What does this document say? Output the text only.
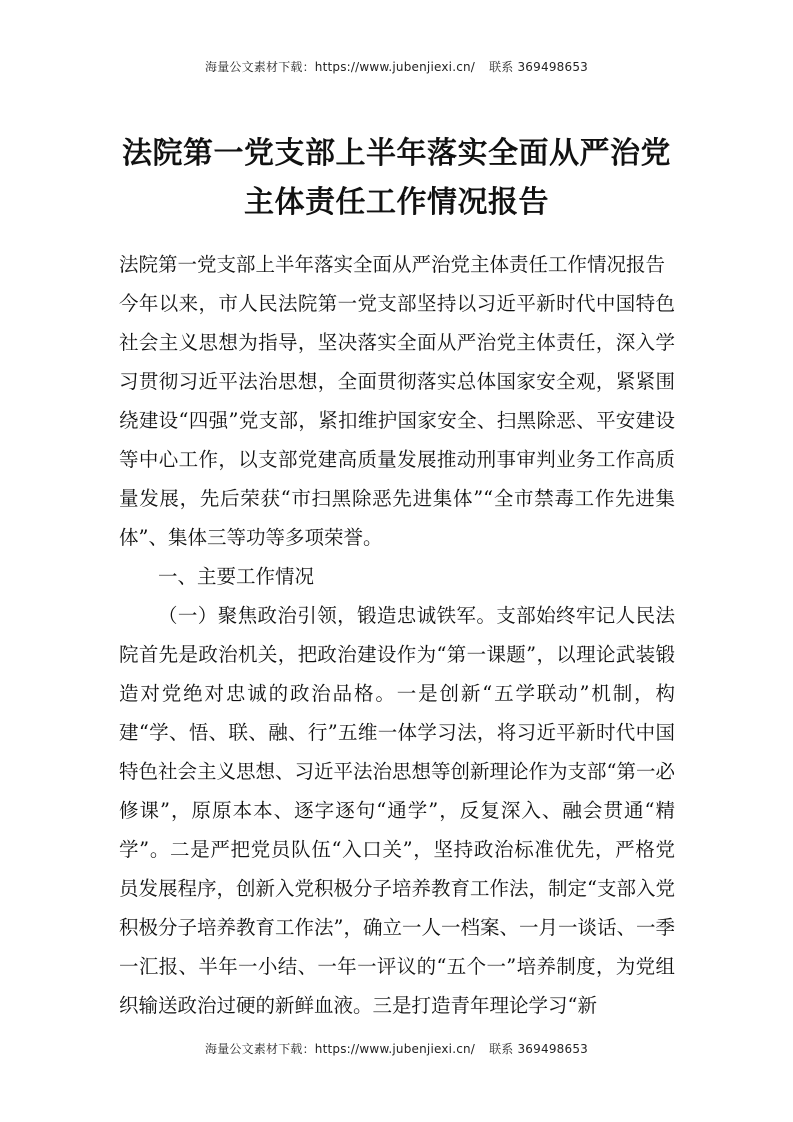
海量公文素材下载：https://www.jubenjiexi.cn/ 联系 369498653
法院第一党支部上半年落实全面从严治党
主体责任工作情况报告

法院第一党支部上半年落实全面从严治党主体责任工作情况报告

今年以来，市人民法院第一党支部坚持以习近平新时代中国特色社会主义思想为指导，坚决落实全面从严治党主体责任，深入学习贯彻习近平法治思想，全面贯彻落实总体国家安全观，紧紧围绕建设“四强”党支部，紧扣维护国家安全、扫黑除恶、平安建设等中心工作，以支部党建高质量发展推动刑事审判业务工作高质量发展，先后荣获“市扫黑除恶先进集体”“全市禁毒工作先进集体”、集体三等功等多项荣誉。

一、主要工作情况

（一）聚焦政治引领，锻造忠诚铁军。支部始终牢记人民法院首先是政治机关，把政治建设作为“第一课题”，以理论武装锻造对党绝对忠诚的政治品格。一是创新“五学联动”机制，构建“学、悟、联、融、行”五维一体学习法，将习近平新时代中国特色社会主义思想、习近平法治思想等创新理论作为支部“第一必修课”，原原本本、逐字逐句“通学”，反复深入、融会贯通“精学”。二是严把党员队伍“入口关”，坚持政治标准优先，严格党员发展程序，创新入党积极分子培养教育工作法，制定“支部入党积极分子培养教育工作法”，确立一人一档案、一月一谈话、一季一汇报、半年一小结、一年一评议的“五个一”培养制度，为党组织输送政治过硬的新鲜血液。三是打造青年理论学习“新

海量公文素材下载：https://www.jubenjiexi.cn/ 联系 369498653
